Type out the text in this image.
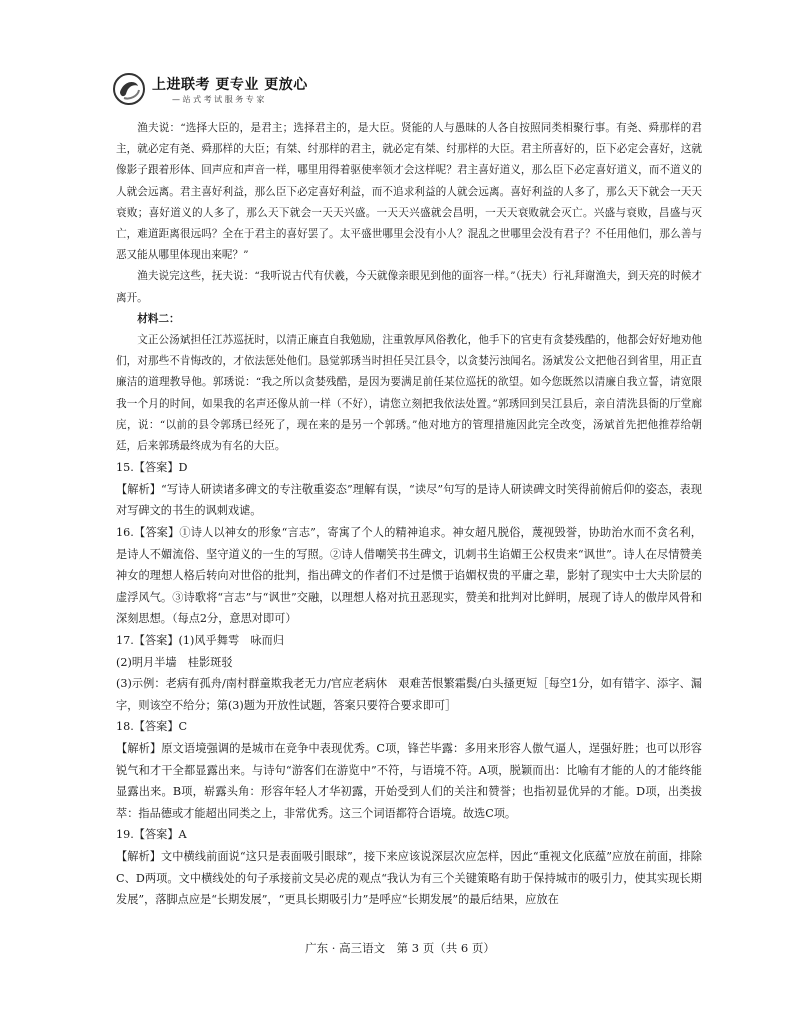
上进联考 更专业 更放心
— 站 式 考 试 服 务 专 家

渔夫说：“选择大臣的，是君主；选择君主的，是大臣。贤能的人与愚昧的人各自按照同类相聚行事。有尧、舜那样的君主，就必定有尧、舜那样的大臣；有桀、纣那样的君主，就必定有桀、纣那样的大臣。君主所喜好的，臣下必定会喜好，这就像影子跟着形体、回声应和声音一样，哪里用得着驱使率领才会这样呢？君主喜好道义，那么臣下必定喜好道义，而不道义的人就会远离。君主喜好利益，那么臣下必定喜好利益，而不追求利益的人就会远离。喜好利益的人多了，那么天下就会一天天衰败；喜好道义的人多了，那么天下就会一天天兴盛。一天天兴盛就会昌明，一天天衰败就会灭亡。兴盛与衰败，昌盛与灭亡，难道距离很远吗？全在于君主的喜好罢了。太平盛世哪里会没有小人？混乱之世哪里会没有君子？不任用他们，那么善与恶又能从哪里体现出来呢？”

渔夫说完这些，抚夫说：“我听说古代有伏羲，今天就像亲眼见到他的面容一样。”（抚夫）行礼拜谢渔夫，到天亮的时候才离开。

材料二：

文正公汤斌担任江苏巡抚时，以清正廉直自我勉励，注重敦厚风俗教化，他手下的官吏有贪婪残酷的，他都会好好地劝他们，对那些不肯悔改的，才依法惩处他们。恳觉郭琇当时担任吴江县令，以贪婪污浊闻名。汤斌发公文把他召到省里，用正直廉洁的道理教导他。郭琇说：“我之所以贪婪残酷，是因为要满足前任某位巡抚的欲望。如今您既然以清廉自我立誓，请宽限我一个月的时间，如果我的名声还像从前一样（不好），请您立刻把我依法处置。”郭琇回到吴江县后，亲自清洗县衙的厅堂廊庑，说：“以前的县令郭琇已经死了，现在来的是另一个郭琇。”他对地方的管理措施因此完全改变，汤斌首先把他推荐给朝廷，后来郭琇最终成为有名的大臣。

15.【答案】D

【解析】“写诗人研读诸多碑文的专注敬重姿态”理解有误，“读尽”句写的是诗人研读碑文时笑得前俯后仰的姿态，表现对写碑文的书生的讽刺戏谑。

16.【答案】①诗人以神女的形象“言志”，寄寓了个人的精神追求。神女超凡脱俗，蔑视毁誉，协助治水而不贪名利，是诗人不媚流俗、坚守道义的一生的写照。②诗人借嘲笑书生碑文，讥刺书生谄媚王公权贵来“讽世”。诗人在尽情赞美神女的理想人格后转向对世俗的批判，指出碑文的作者们不过是惯于谄媚权贵的平庸之辈，影射了现实中士大夫阶层的虚浮风气。③诗歌将“言志”与“讽世”交融，以理想人格对抗丑恶现实，赞美和批判对比鲜明，展现了诗人的傲岸风骨和深刻思想。（每点2分，意思对即可）

17.【答案】(1)风乎舞雩　咏而归

(2)明月半墙　桂影斑驳

(3)示例：老病有孤舟/南村群童欺我老无力/官应老病休　艰难苦恨繁霜鬓/白头搔更短［每空1分，如有错字、添字、漏字，则该空不给分；第(3)题为开放性试题，答案只要符合要求即可］

18.【答案】C

【解析】原文语境强调的是城市在竞争中表现优秀。C项，锋芒毕露：多用来形容人傲气逼人，逞强好胜；也可以形容锐气和才干全都显露出来。与诗句“游客们在游览中”不符，与语境不符。A项，脱颖而出：比喻有才能的人的才能终能显露出来。B项，崭露头角：形容年轻人才华初露，开始受到人们的关注和赞誉；也指初显优异的才能。D项，出类拔萃：指品德或才能超出同类之上，非常优秀。这三个词语都符合语境。故选C项。

19.【答案】A

【解析】文中横线前面说“这只是表面吸引眼球”，接下来应该说深层次应怎样，因此“重视文化底蕴”应放在前面，排除C、D两项。文中横线处的句子承接前文吴必虎的观点“我认为有三个关键策略有助于保持城市的吸引力，使其实现长期发展”，落脚点应是“长期发展”，“更具长期吸引力”是呼应“长期发展”的最后结果，应放在

广东 · 高三语文　第 3 页（共 6 页）
